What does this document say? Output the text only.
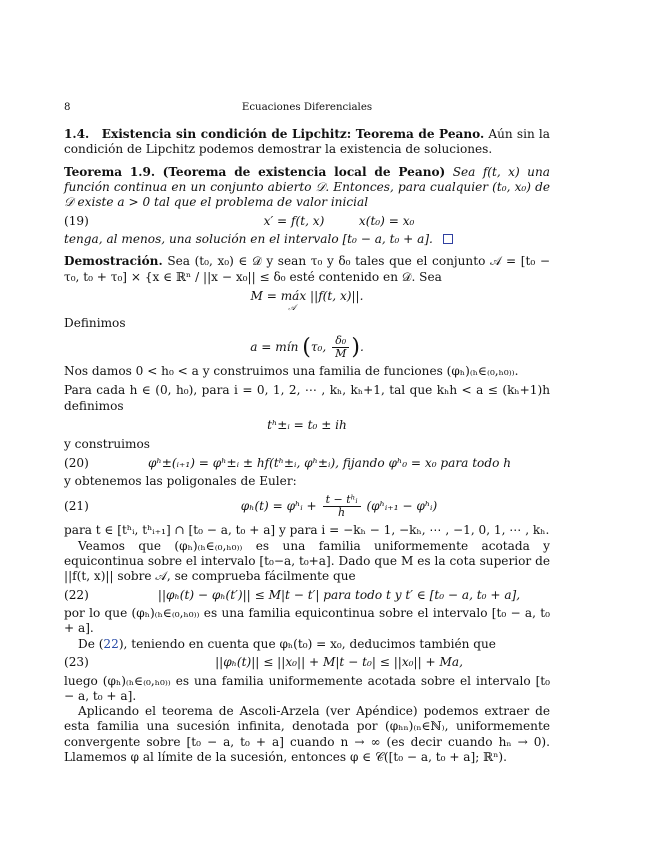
8	Ecuaciones Diferenciales

1.4. Existencia sin condición de Lipchitz: Teorema de Peano. Aún sin la condición de Lipchitz podemos demostrar la existencia de soluciones.

Teorema 1.9. (Teorema de existencia local de Peano) Sea f(t, x) una función continua en un conjunto abierto 𝒟. Entonces, para cualquier (t₀, x₀) de 𝒟 existe a > 0 tal que el problema de valor inicial

(19)	x′ = f(t, x)	x(t₀) = x₀

tenga, al menos, una solución en el intervalo [t₀ − a, t₀ + a].

Demostración. Sea (t₀, x₀) ∈ 𝒟 y sean τ₀ y δ₀ tales que el conjunto 𝒜 = [t₀ − τ₀, t₀ + τ₀] × {x ∈ ℝⁿ / ||x − x₀|| ≤ δ₀ esté contenido en 𝒟. Sea

M = máx ||f(t, x)||.
𝒜

Definimos

a = mín (τ₀, $\frac{\text{δ₀}}{M}$ ).

Nos damos 0 < h₀ < a y construimos una familia de funciones (φₕ)₍ₕ∈₍₀,ₕ₀₎₎.

Para cada h ∈ (0, h₀), para i = 0, 1, 2, ⋯ , kₕ, kₕ+1, tal que kₕh < a ≤ (kₕ+1)h definimos

tʰ±ᵢ = t₀ ± ih

y construimos

(20)	φʰ±(ᵢ₊₁) = φʰ±ᵢ ± hf(tʰ±ᵢ, φʰ±ᵢ), fijando φʰ₀ = x₀ para todo h

y obtenemos las poligonales de Euler:

(21)	φₕ(t) = φʰᵢ + $\frac{\text{t − tʰᵢ}}{h}$ (φʰᵢ₊₁ − φʰᵢ)

para t ∈ [tʰᵢ, tʰᵢ₊₁] ∩ [t₀ − a, t₀ + a] y para i = −kₕ − 1, −kₕ, ⋯ , −1, 0, 1, ⋯ , kₕ.

Veamos que (φₕ)₍ₕ∈₍₀,ₕ₀₎₎ es una familia uniformemente acotada y equicontinua sobre el intervalo [t₀−a, t₀+a]. Dado que M es la cota superior de ||f(t, x)|| sobre 𝒜, se comprueba fácilmente que

(22)	||φₕ(t) − φₕ(t′)|| ≤ M|t − t′| para todo t y t′ ∈ [t₀ − a, t₀ + a],

por lo que (φₕ)₍ₕ∈₍₀,ₕ₀₎₎ es una familia equicontinua sobre el intervalo [t₀ − a, t₀ + a].

De (22), teniendo en cuenta que φₕ(t₀) = x₀, deducimos también que

(23)	||φₕ(t)|| ≤ ||x₀|| + M|t − t₀| ≤ ||x₀|| + Ma,

luego (φₕ)₍ₕ∈₍₀,ₕ₀₎₎ es una familia uniformemente acotada sobre el intervalo [t₀ − a, t₀ + a].

Aplicando el teorema de Ascoli-Arzela (ver Apéndice) podemos extraer de esta familia una sucesión infinita, denotada por (φₕₙ)₍ₙ∈ℕ₎, uniformemente convergente sobre [t₀ − a, t₀ + a] cuando n → ∞ (es decir cuando hₙ → 0). Llamemos φ al límite de la sucesión, entonces φ ∈ 𝒞([t₀ − a, t₀ + a]; ℝⁿ).
